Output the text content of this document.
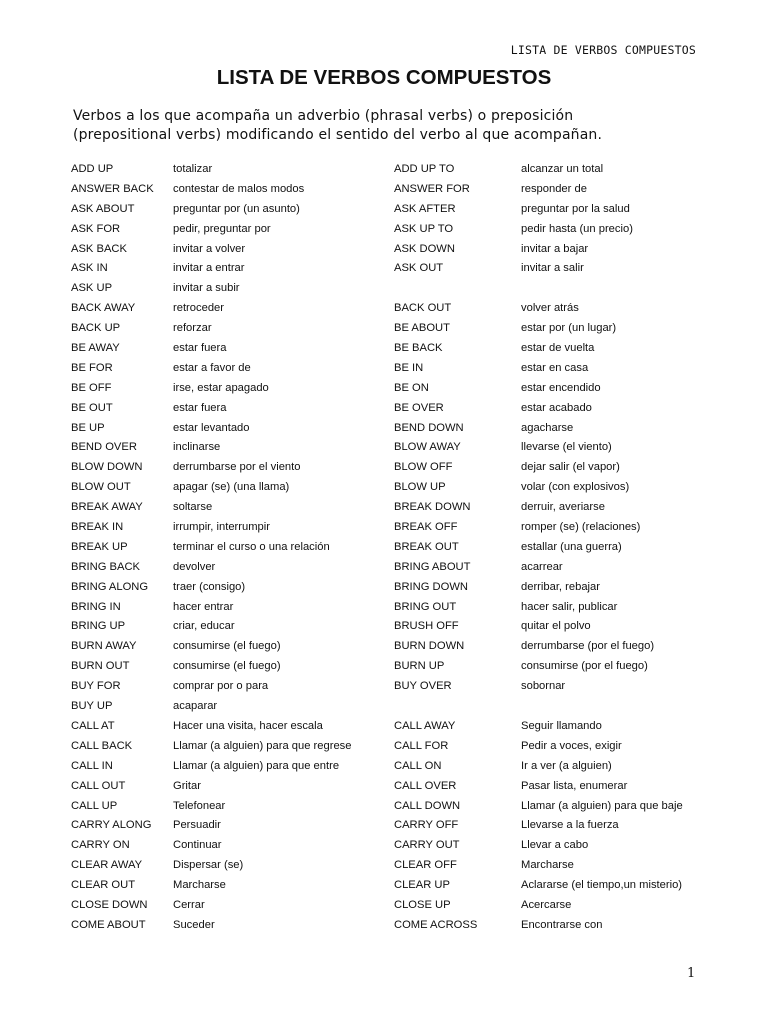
LISTA DE VERBOS COMPUESTOS
LISTA DE VERBOS COMPUESTOS
Verbos a los que acompaña un adverbio (phrasal verbs) o preposición
(prepositional verbs) modificando el sentido del verbo al que acompañan.
ADD UP	totalizar	ADD UP TO	alcanzar un total
ANSWER BACK contestar de malos modos	ANSWER FOR	responder de
ASK ABOUT	preguntar por (un asunto)	ASK AFTER	preguntar por la salud
ASK FOR	pedir, preguntar por	ASK UP TO	pedir hasta (un precio)
ASK BACK	invitar a volver	ASK DOWN	invitar a bajar
ASK IN	invitar a entrar	ASK OUT	invitar a salir
ASK UP	invitar a subir
BACK AWAY	retroceder	BACK OUT	volver atrás
BACK UP	reforzar	BE ABOUT	estar por (un lugar)
BE AWAY	estar fuera	BE BACK	estar de vuelta
BE FOR	estar a favor de	BE IN	estar en casa
BE OFF	irse, estar apagado	BE ON	estar encendido
BE OUT	estar fuera	BE OVER	estar acabado
BE UP	estar levantado	BEND DOWN	agacharse
BEND OVER	inclinarse	BLOW AWAY	llevarse (el viento)
BLOW DOWN	derrumbarse por el viento	BLOW OFF	dejar salir (el vapor)
BLOW OUT	apagar (se) (una llama)	BLOW UP	volar (con explosivos)
BREAK AWAY	soltarse	BREAK DOWN	derruir, averiarse
BREAK IN	irrumpir, interrumpir	BREAK OFF	romper (se) (relaciones)
BREAK UP	terminar el curso o una relación	BREAK OUT	estallar (una guerra)
BRING BACK	devolver	BRING ABOUT	acarrear
BRING ALONG traer (consigo)	BRING DOWN	derribar, rebajar
BRING IN	hacer entrar	BRING OUT	hacer salir, publicar
BRING UP	criar, educar	BRUSH OFF	quitar el polvo
BURN AWAY	consumirse (el fuego)	BURN DOWN	derrumbarse (por el fuego)
BURN OUT	consumirse (el fuego)	BURN UP	consumirse (por el fuego)
BUY FOR	comprar por o para	BUY OVER	sobornar
BUY UP	acaparar
CALL AT	Hacer una visita, hacer escala	CALL AWAY	Seguir llamando
CALL BACK	Llamar (a alguien) para que regrese	CALL FOR	Pedir a voces, exigir
CALL IN	Llamar (a alguien) para que entre	CALL ON	Ir a ver (a alguien)
CALL OUT	Gritar	CALL OVER	Pasar lista, enumerar
CALL UP	Telefonear	CALL DOWN	Llamar (a alguien) para que baje
CARRY ALONG Persuadir	CARRY OFF	Llevarse a la fuerza
CARRY ON	Continuar	CARRY OUT	Llevar a cabo
CLEAR AWAY	Dispersar (se)	CLEAR OFF	Marcharse
CLEAR OUT	Marcharse	CLEAR UP	Aclararse (el tiempo,un misterio)
CLOSE DOWN Cerrar	CLOSE UP	Acercarse
COME ABOUT Suceder	COME ACROSS	Encontrarse con
1
